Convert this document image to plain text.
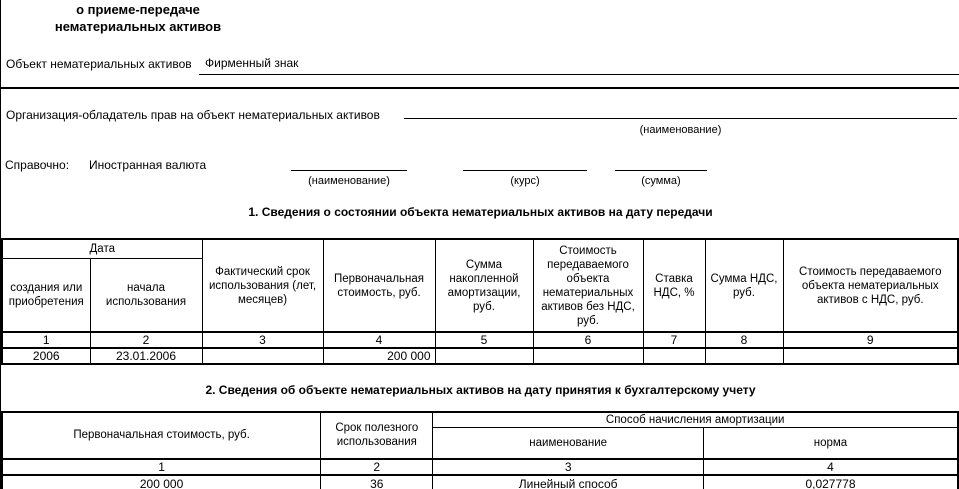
о приеме-передаче
нематериальных активов
Объект нематериальных активов	Фирменный знак
Организация-обладатель прав на объект нематериальных активов
(наименование)
Справочно: Иностранная валюта
(наименование)	(курс)	(сумма)
1. Сведения о состоянии объекта нематериальных активов на дату передачи
Дата		Фактический срок использования (лет, месяцев)	Первоначальная стоимость, руб.	Сумма накопленной амортизации, руб.	Стоимость передаваемого объекта нематериальных активов без НДС, руб.	Ставка НДС, %	Сумма НДС, руб.	Стоимость передаваемого объекта нематериальных активов с НДС, руб.
создания или приобретения	начала использования							
1	2	3	4	5	6	7	8	9
2006	23.01.2006		200 000					
2. Сведения об объекте нематериальных активов на дату принятия к бухгалтерскому учету
Первоначальная стоимость, руб.	Срок полезного использования	Способ начисления амортизации	
		наименование	норма
1	2	3	4
200 000	36	Линейный способ	0,027778
